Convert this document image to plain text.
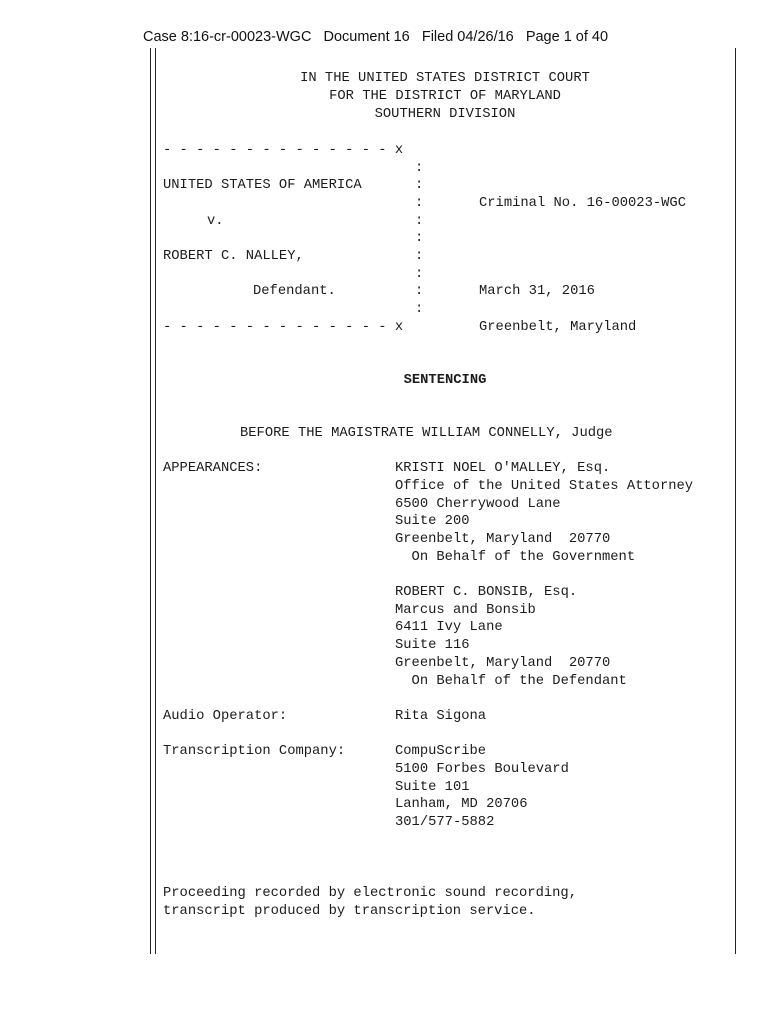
Case 8:16-cr-00023-WGC   Document 16   Filed 04/26/16   Page 1 of 40
IN THE UNITED STATES DISTRICT COURT
FOR THE DISTRICT OF MARYLAND
SOUTHERN DIVISION
- - - - - - - - - - - - - - x
:
UNITED STATES OF AMERICA	:
:	Criminal No. 16-00023-WGC
v.	:
:
ROBERT C. NALLEY,	:
:
Defendant.	:	March 31, 2016
:
- - - - - - - - - - - - - - x	Greenbelt, Maryland
SENTENCING
BEFORE THE MAGISTRATE WILLIAM CONNELLY, Judge
APPEARANCES:	KRISTI NOEL O'MALLEY, Esq.
Office of the United States Attorney
6500 Cherrywood Lane
Suite 200
Greenbelt, Maryland  20770
On Behalf of the Government
ROBERT C. BONSIB, Esq.
Marcus and Bonsib
6411 Ivy Lane
Suite 116
Greenbelt, Maryland  20770
On Behalf of the Defendant
Audio Operator:	Rita Sigona
Transcription Company:	CompuScribe
5100 Forbes Boulevard
Suite 101
Lanham, MD 20706
301/577-5882
Proceeding recorded by electronic sound recording,
transcript produced by transcription service.
